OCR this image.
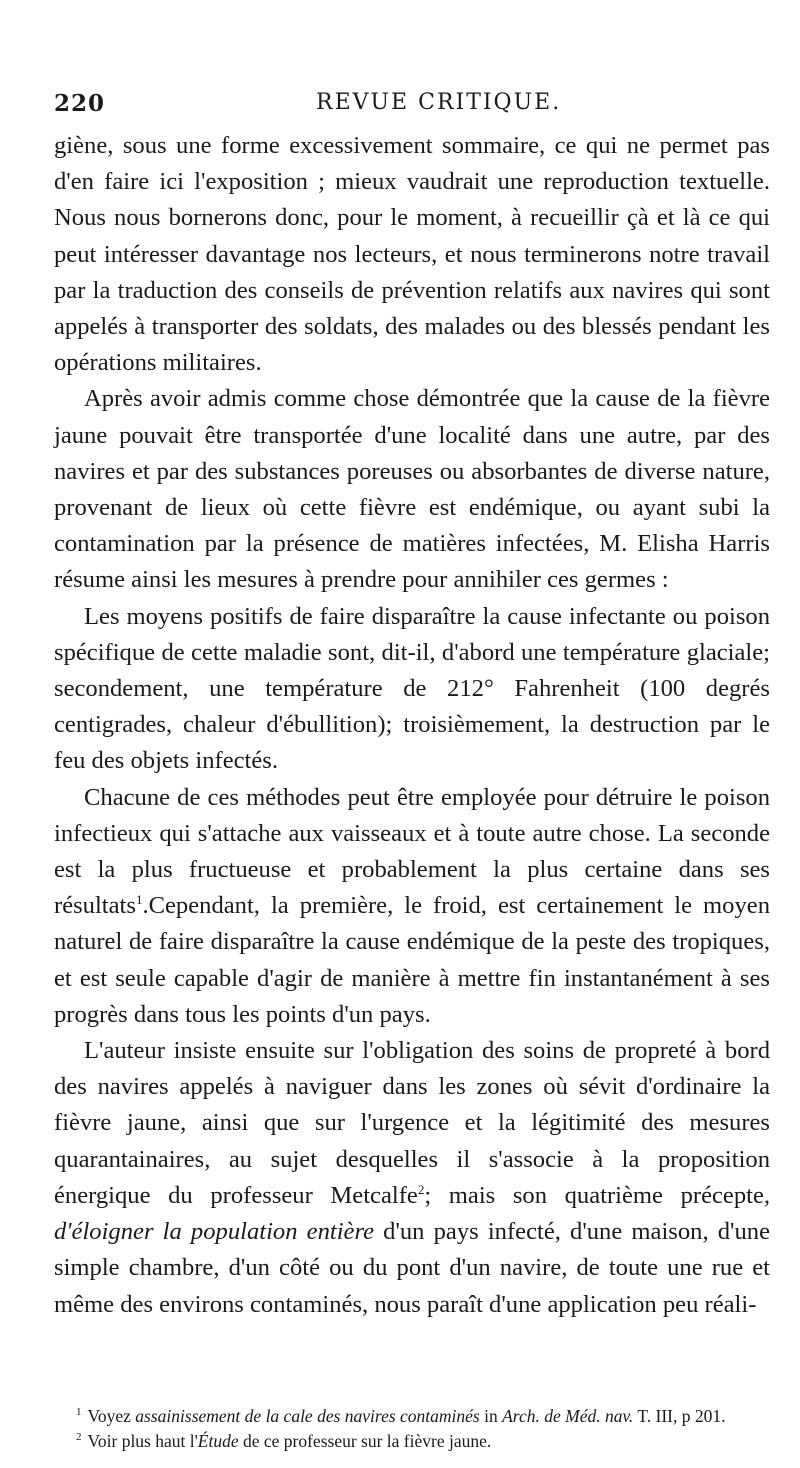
220	REVUE CRITIQUE.

giène, sous une forme excessivement sommaire, ce qui ne permet pas d'en faire ici l'exposition ; mieux vaudrait une reproduction textuelle. Nous nous bornerons donc, pour le moment, à recueillir çà et là ce qui peut intéresser davantage nos lecteurs, et nous terminerons notre travail par la traduction des conseils de prévention relatifs aux navires qui sont appelés à transporter des soldats, des malades ou des blessés pendant les opérations militaires.

Après avoir admis comme chose démontrée que la cause de la fièvre jaune pouvait être transportée d'une localité dans une autre, par des navires et par des substances poreuses ou absorbantes de diverse nature, provenant de lieux où cette fièvre est endémique, ou ayant subi la contamination par la présence de matières infectées, M. Elisha Harris résume ainsi les mesures à prendre pour annihiler ces germes :

Les moyens positifs de faire disparaître la cause infectante ou poison spécifique de cette maladie sont, dit-il, d'abord une température glaciale; secondement, une température de 212° Fahrenheit (100 degrés centigrades, chaleur d'ébullition); troisièmement, la destruction par le feu des objets infectés.

Chacune de ces méthodes peut être employée pour détruire le poison infectieux qui s'attache aux vaisseaux et à toute autre chose. La seconde est la plus fructueuse et probablement la plus certaine dans ses résultats$^1$.Cependant, la première, le froid, est certainement le moyen naturel de faire disparaître la cause endémique de la peste des tropiques, et est seule capable d'agir de manière à mettre fin instantanément à ses progrès dans tous les points d'un pays.

L'auteur insiste ensuite sur l'obligation des soins de propreté à bord des navires appelés à naviguer dans les zones où sévit d'ordinaire la fièvre jaune, ainsi que sur l'urgence et la légitimité des mesures quarantainaires, au sujet desquelles il s'associe à la proposition énergique du professeur Metcalfe$^2$; mais son quatrième précepte, d'éloigner la population entière d'un pays infecté, d'une maison, d'une simple chambre, d'un côté ou du pont d'un navire, de toute une rue et même des environs contaminés, nous paraît d'une application peu réali-

$^1$ Voyez assainissement de la cale des navires contaminés in Arch. de Méd. nav. T. III, p 201.

$^2$ Voir plus haut l'Étude de ce professeur sur la fièvre jaune.
